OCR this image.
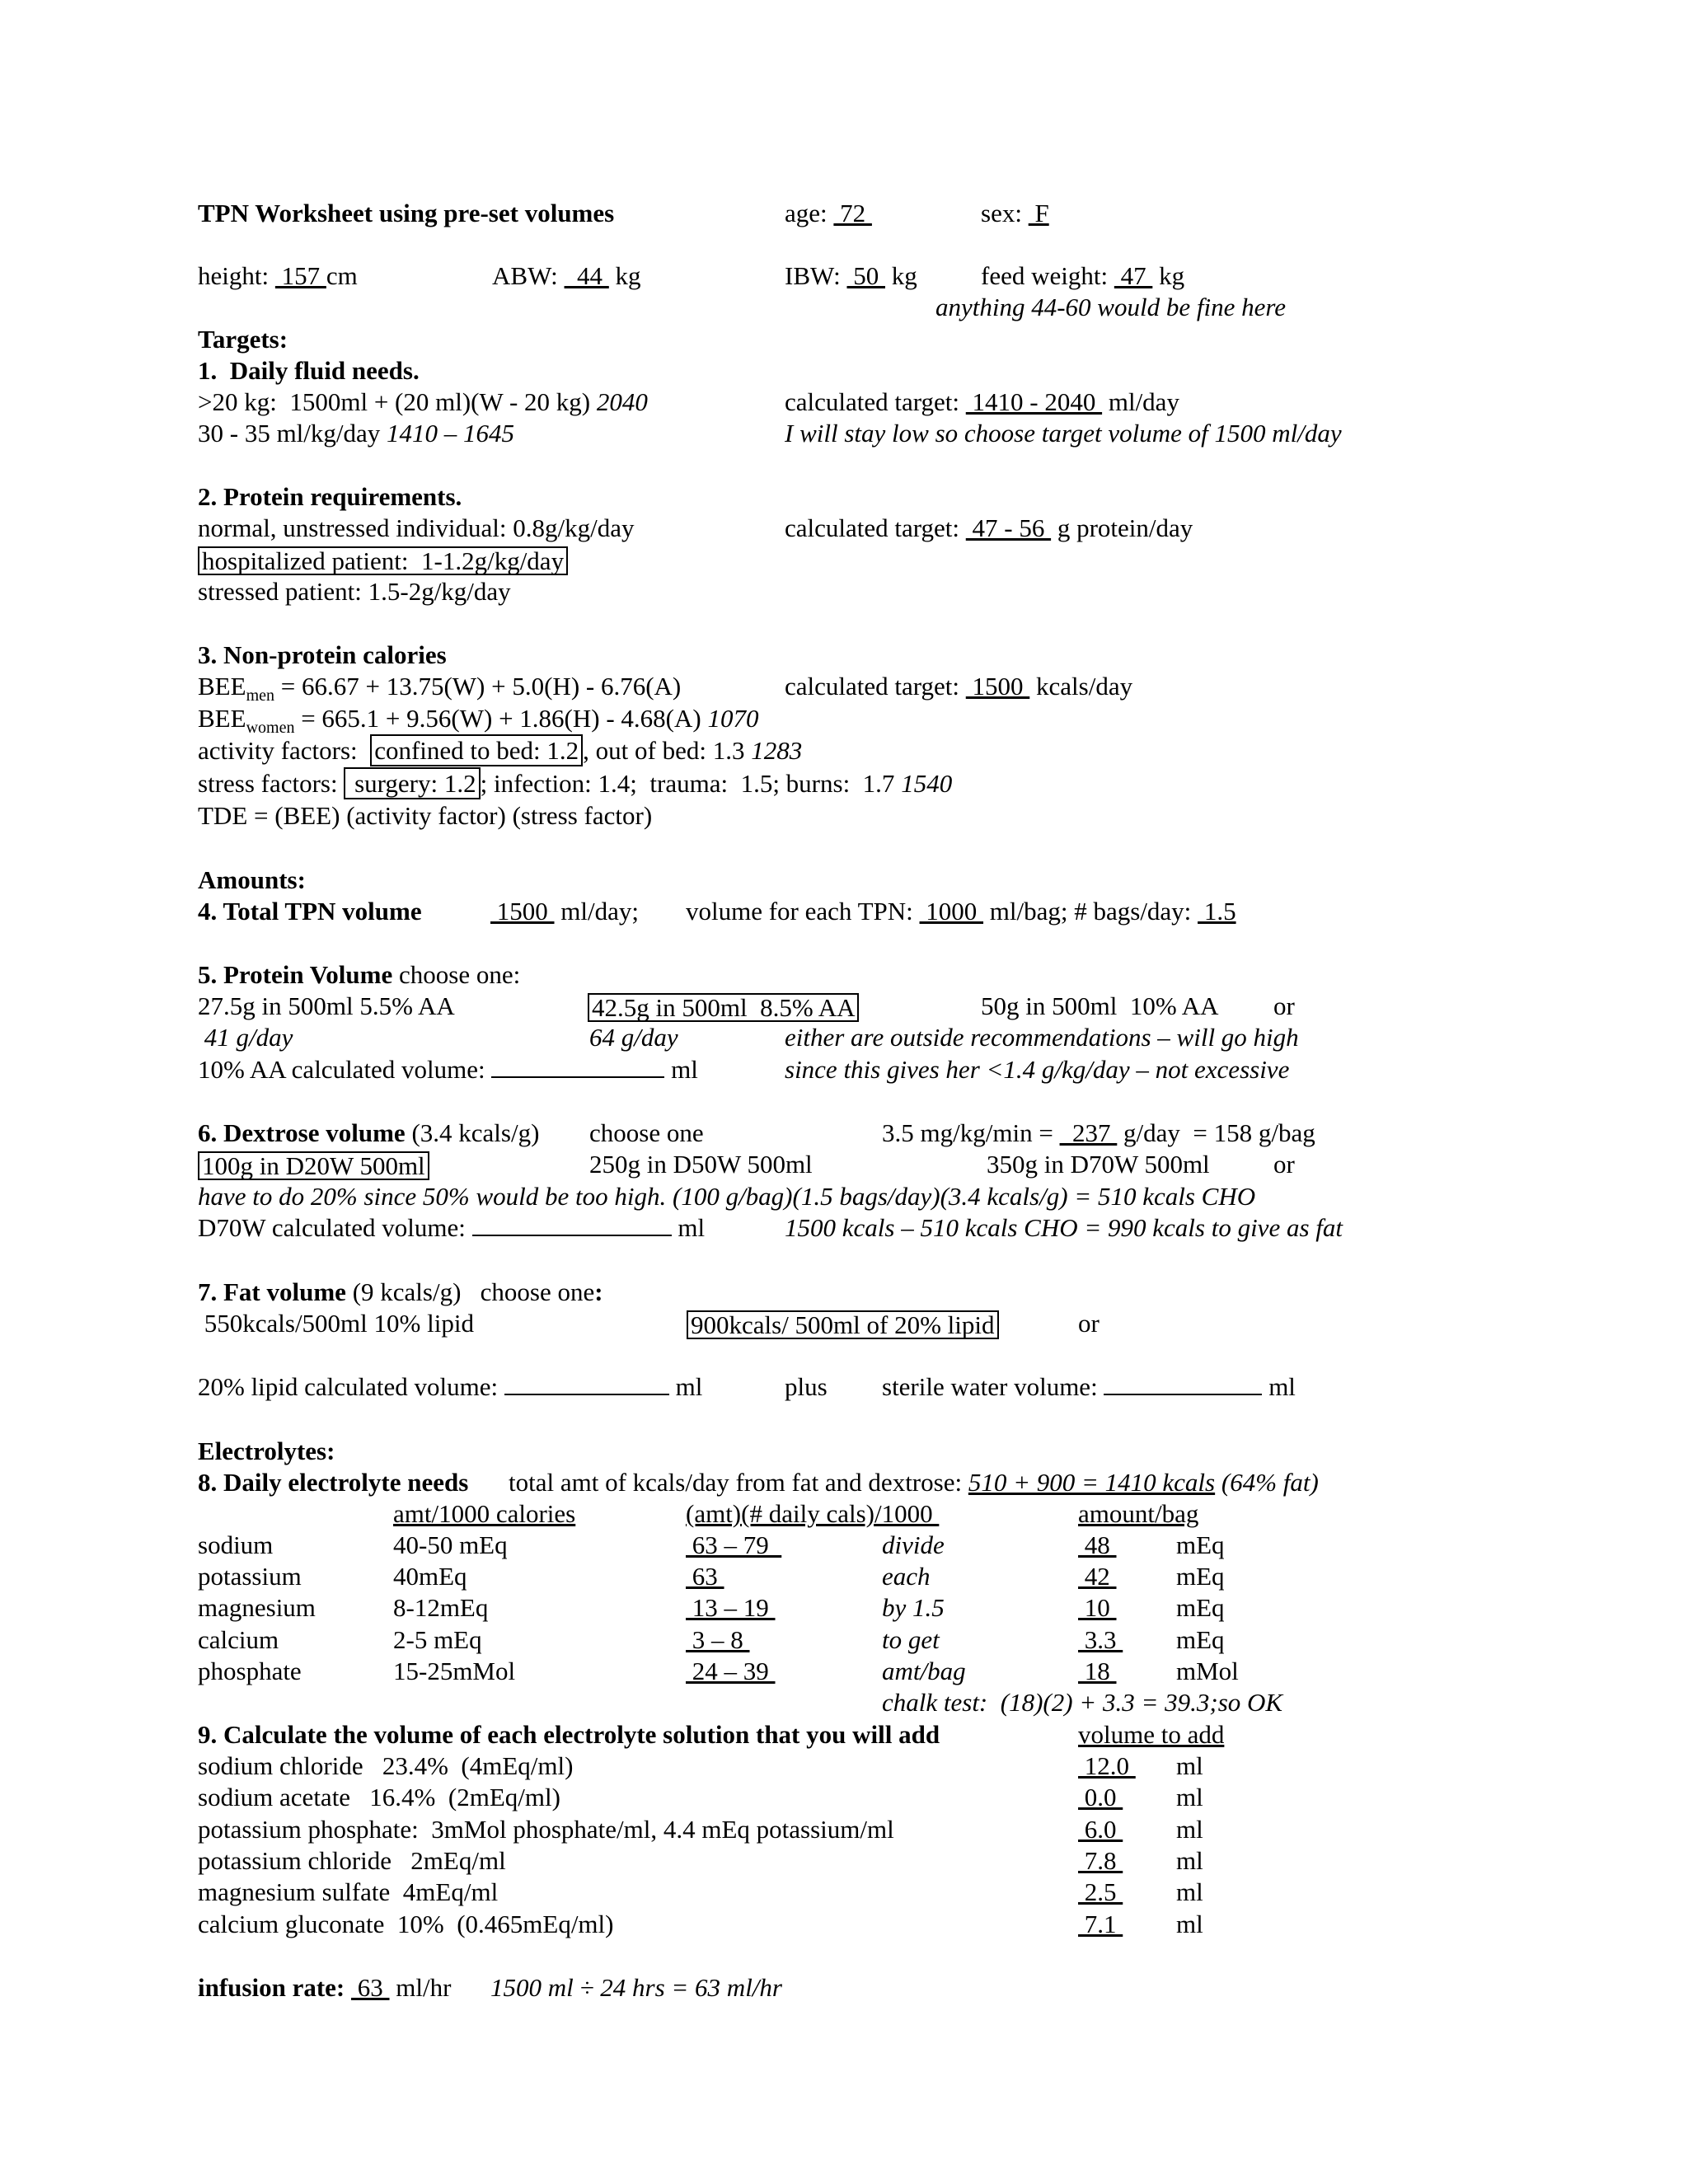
TPN Worksheet using pre-set volumes	age:  72	sex:  F
height:  157 cm	ABW:   44  kg	IBW:  50  kg feed weight:  47  kg
anything 44-60 would be fine here
Targets:
1.  Daily fluid needs.
>20 kg:  1500ml + (20 ml)(W - 20 kg) 2040	calculated target:  1410 - 2040  ml/day
30 - 35 ml/kg/day 1410 – 1645	I will stay low so choose target volume of 1500 ml/day
2. Protein requirements.
normal, unstressed individual: 0.8g/kg/day	calculated target:  47 - 56  g protein/day
hospitalized patient:  1-1.2g/kg/day
stressed patient: 1.5-2g/kg/day
3. Non-protein calories
$BEE_{men} = 66.67 + 13.75(W) + 5.0(H) - 6.76(A)$	calculated target:  1500  kcals/day
$BEE_{women} = 665.1 + 9.56(W) + 1.86(H) - 4.68(A)$ 1070
activity factors:  confined to bed: 1.2 , out of bed: 1.3 1283
stress factors:  surgery: 1.2 ; infection: 1.4;  trauma:  1.5; burns:  1.7 1540
TDE = (BEE) (activity factor) (stress factor)
Amounts:
4. Total TPN volume	1500  ml/day; volume for each TPN:  1000  ml/bag; # bags/day:  1.5
5. Protein Volume choose one:
27.5g in 500ml 5.5% AA	42.5g in 500ml  8.5% AA	50g in 500ml  10% AA or
41 g/day	64 g/day	either are outside recommendations – will go high
10% AA calculated volume:	ml	since this gives her <1.4 g/kg/day – not excessive
6. Dextrose volume (3.4 kcals/g) choose one	3.5 mg/kg/min =   237  g/day  = 158 g/bag
100g in D20W 500ml	250g in D50W 500ml	350g in D70W 500ml or
have to do 20% since 50% would be too high. (100 g/bag)(1.5 bags/day)(3.4 kcals/g) = 510 kcals CHO
D70W calculated volume:	ml	1500 kcals – 510 kcals CHO = 990 kcals to give as fat
7. Fat volume (9 kcals/g)   choose one:
550kcals/500ml 10% lipid	900kcals/ 500ml of 20% lipid	or
20% lipid calculated volume:	ml	plus sterile water volume:	ml
Electrolytes:
8. Daily electrolyte needs total amt of kcals/day from fat and dextrose: 510 + 900 = 1410 kcals (64% fat)
amt/1000 calories	(amt)(# daily cals)/1000	amount/bag
sodium	40-50 mEq	63 – 79	divide	48 mEq
potassium	40mEq	63	each	42 mEq
magnesium	8-12mEq	13 – 19	by 1.5	10 mEq
calcium	2-5 mEq	3 – 8	to get	3.3 mEq
phosphate	15-25mMol	24 – 39	amt/bag	18 mMol
chalk test:  (18)(2) + 3.3 = 39.3;so OK
9. Calculate the volume of each electrolyte solution that you will add	volume to add
sodium chloride   23.4%  (4mEq/ml)	12.0 ml
sodium acetate   16.4%  (2mEq/ml)	0.0 ml
potassium phosphate:  3mMol phosphate/ml, 4.4 mEq potassium/ml	6.0 ml
potassium chloride   2mEq/ml	7.8 ml
magnesium sulfate  4mEq/ml	2.5 ml
calcium gluconate  10%  (0.465mEq/ml)	7.1 ml
infusion rate:  63  ml/hr 1500 ml ÷ 24 hrs = 63 ml/hr
